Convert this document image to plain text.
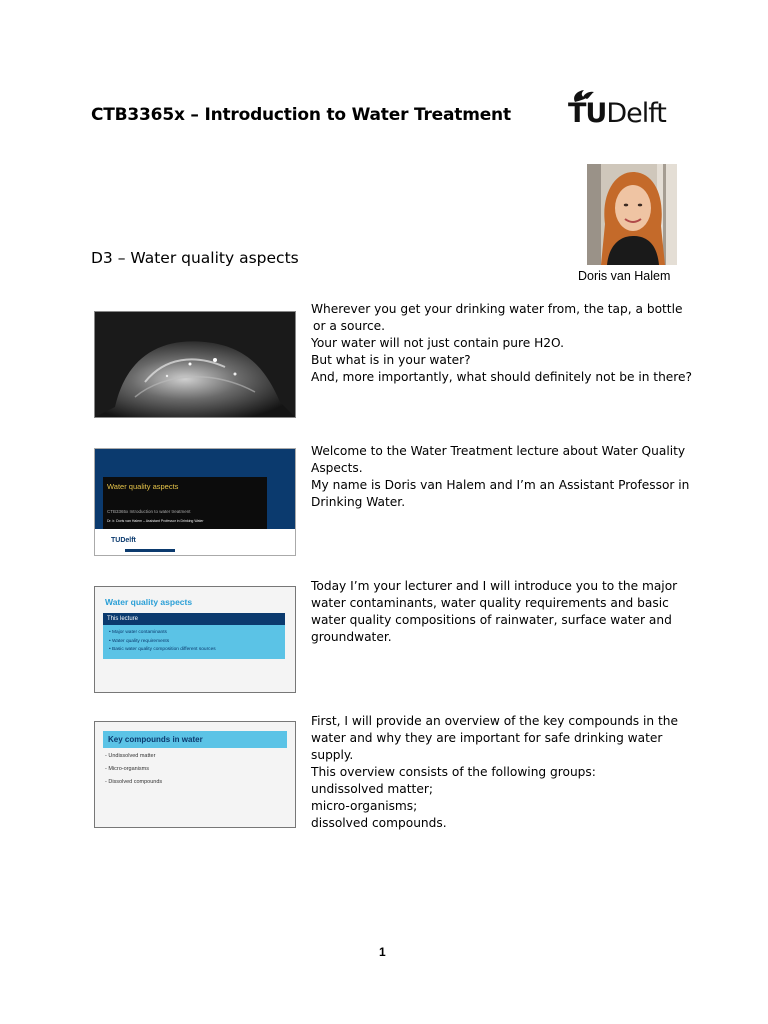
CTB3365x – Introduction to Water Treatment TUDelft
Doris van Halem
D3 – Water quality aspects
Wherever you get your drinking water from, the tap, a bottle
or a source.
Your water will not just contain pure H2O.
But what is in your water?
And, more importantly, what should definitely not be in there?
Water quality aspects
CTB3365x Introduction to water treatment
Dr. ir. Doris van Halem – Assistant Professor in Drinking Water
TUDelft
Welcome to the Water Treatment lecture about Water Quality
Aspects.
My name is Doris van Halem and I’m an Assistant Professor in
Drinking Water.
Water quality aspects
This lecture
• Major water contaminants
• Water quality requirements
• Basic water quality composition different sources
Today I’m your lecturer and I will introduce you to the major
water contaminants, water quality requirements and basic
water quality compositions of rainwater, surface water and
groundwater.
Key compounds in water
- Undissolved matter
- Micro-organisms
- Dissolved compounds
First, I will provide an overview of the key compounds in the
water and why they are important for safe drinking water
supply.
This overview consists of the following groups:
undissolved matter;
micro-organisms;
dissolved compounds.
1
